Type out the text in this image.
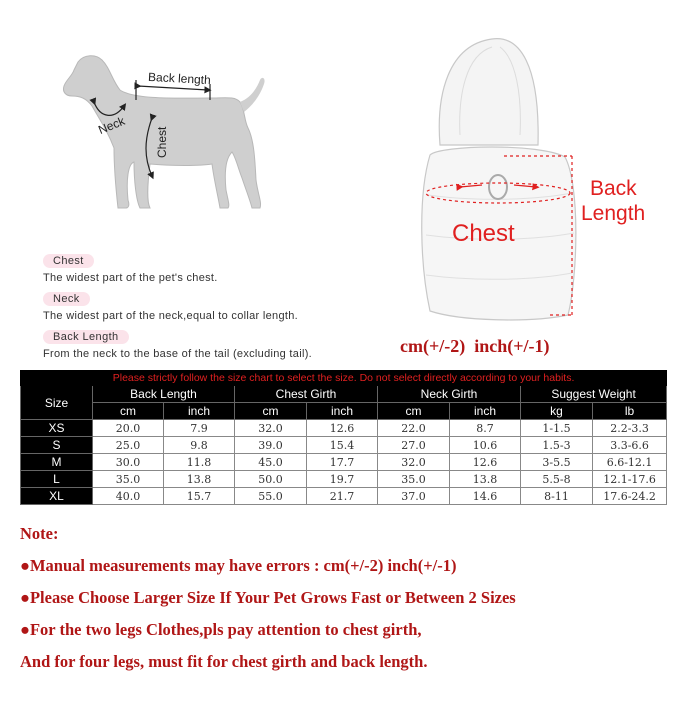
Back length
Neck
Chest
Chest
The widest part of the pet's chest.
Neck
The widest part of the neck,equal to collar length.
Back Length
From the neck to the base of the tail (excluding tail).
Chest
Back
Length
cm(+/-2)  inch(+/-1)
Please strictly follow the size chart to select the size. Do not select directly according to your habits.								
Size	Back Length		Chest Girth		Neck Girth		Suggest Weight	
	cm	inch	cm	inch	cm	inch	kg	lb
XS	20.0	7.9	32.0	12.6	22.0	8.7	1-1.5	2.2-3.3
S	25.0	9.8	39.0	15.4	27.0	10.6	1.5-3	3.3-6.6
M	30.0	11.8	45.0	17.7	32.0	12.6	3-5.5	6.6-12.1
L	35.0	13.8	50.0	19.7	35.0	13.8	5.5-8	12.1-17.6
XL	40.0	15.7	55.0	21.7	37.0	14.6	8-11	17.6-24.2
Note:
●Manual measurements may have errors : cm(+/-2) inch(+/-1)
●Please Choose Larger Size If Your Pet Grows Fast or Between 2 Sizes
●For the two legs Clothes,pls pay attention to chest girth,
And for four legs, must fit for chest girth and back length.
